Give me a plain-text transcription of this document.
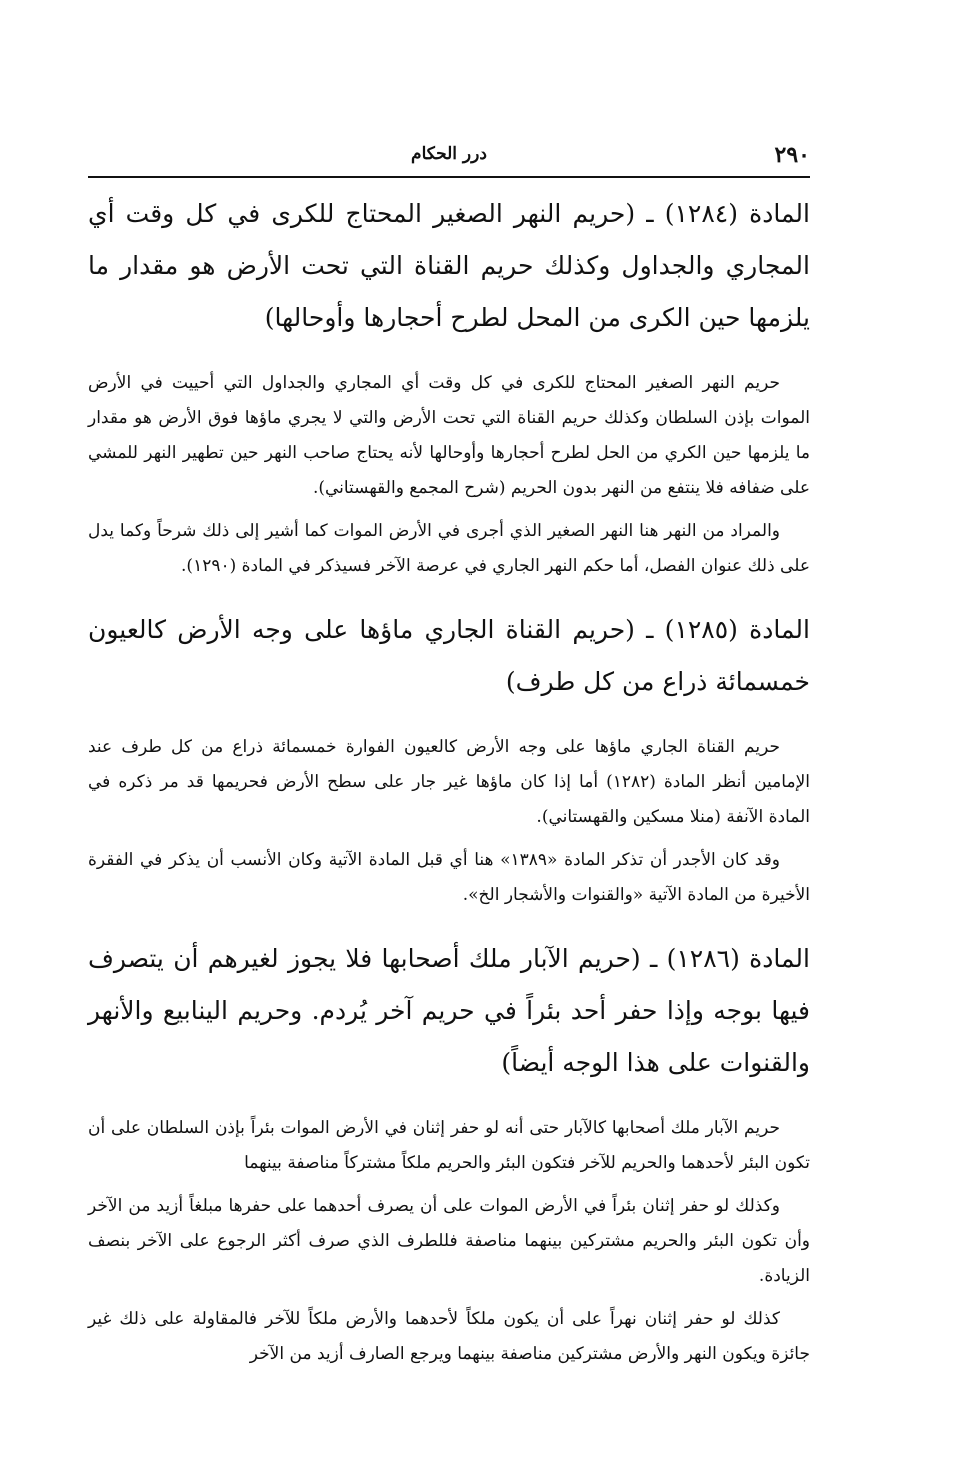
٢٩٠
درر الحكام

المادة (١٢٨٤) ـ (حريم النهر الصغير المحتاج للكرى في كل وقت أي المجاري والجداول وكذلك حريم القناة التي تحت الأرض هو مقدار ما يلزمها حين الكرى من المحل لطرح أحجارها وأوحالها)

حريم النهر الصغير المحتاج للكرى في كل وقت أي المجاري والجداول التي أحييت في الأرض الموات بإذن السلطان وكذلك حريم القناة التي تحت الأرض والتي لا يجري ماؤها فوق الأرض هو مقدار ما يلزمها حين الكري من الحل لطرح أحجارها وأوحالها لأنه يحتاج صاحب النهر حين تطهير النهر للمشي على ضفافه فلا ينتفع من النهر بدون الحريم (شرح المجمع والقهستاني).

والمراد من النهر هنا النهر الصغير الذي أجرى في الأرض الموات كما أشير إلى ذلك شرحاً وكما يدل على ذلك عنوان الفصل، أما حكم النهر الجاري في عرصة الآخر فسيذكر في المادة (١٢٩٠).

المادة (١٢٨٥) ـ (حريم القناة الجاري ماؤها على وجه الأرض كالعيون خمسمائة ذراع من كل طرف)

حريم القناة الجاري ماؤها على وجه الأرض كالعيون الفوارة خمسمائة ذراع من كل طرف عند الإمامين أنظر المادة (١٢٨٢) أما إذا كان ماؤها غير جار على سطح الأرض فحريمها قد مر ذكره في المادة الآنفة (منلا مسكين والقهستاني).

وقد كان الأجدر أن تذكر المادة «١٣٨٩» هنا أي قبل المادة الآتية وكان الأنسب أن يذكر في الفقرة الأخيرة من المادة الآتية «والقنوات والأشجار الخ».

المادة (١٢٨٦) ـ (حريم الآبار ملك أصحابها فلا يجوز لغيرهم أن يتصرف فيها بوجه وإذا حفر أحد بئراً في حريم آخر يُردم. وحريم الينابيع والأنهر والقنوات على هذا الوجه أيضاً)

حريم الآبار ملك أصحابها كالآبار حتى أنه لو حفر إثنان في الأرض الموات بئراً بإذن السلطان على أن تكون البئر لأحدهما والحريم للآخر فتكون البئر والحريم ملكاً مشتركاً مناصفة بينهما

وكذلك لو حفر إثنان بئراً في الأرض الموات على أن يصرف أحدهما على حفرها مبلغاً أزيد من الآخر وأن تكون البئر والحريم مشتركين بينهما مناصفة فللطرف الذي صرف أكثر الرجوع على الآخر بنصف الزيادة.

كذلك لو حفر إثنان نهراً على أن يكون ملكاً لأحدهما والأرض ملكاً للآخر فالمقاولة على ذلك غير جائزة ويكون النهر والأرض مشتركين مناصفة بينهما ويرجع الصارف أزيد من الآخر
